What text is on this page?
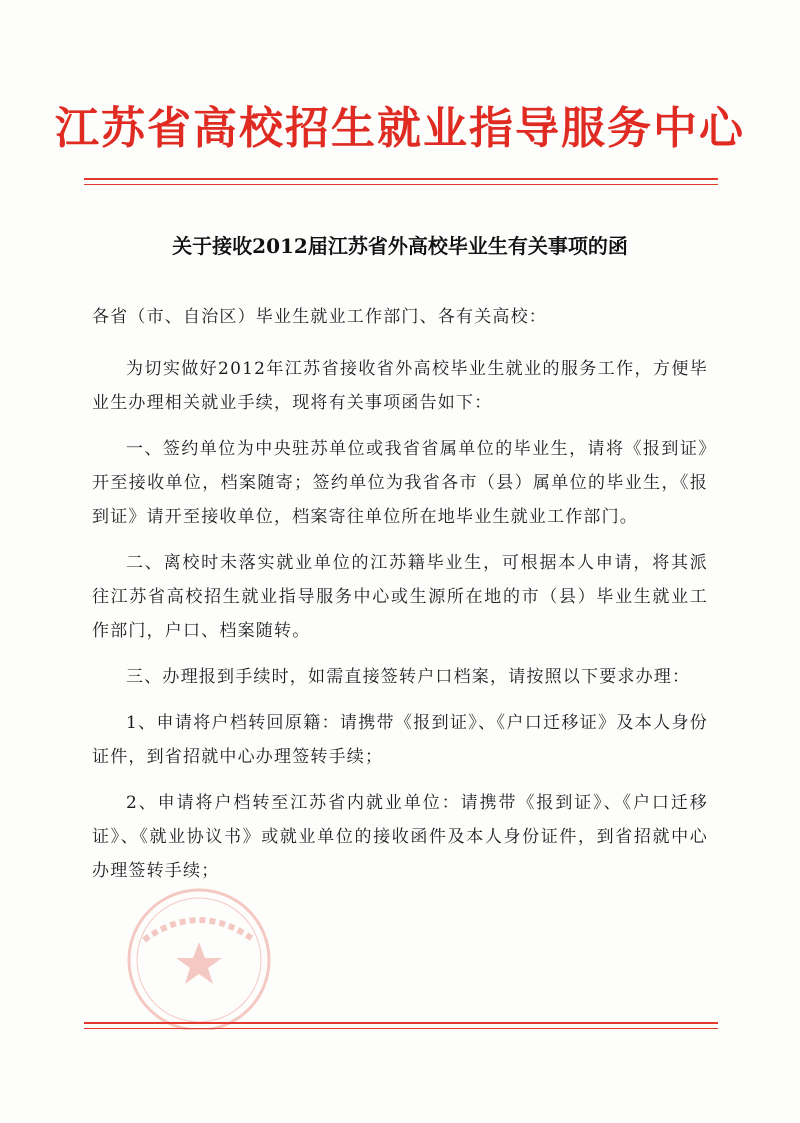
江苏省高校招生就业指导服务中心
关于接收2012届江苏省外高校毕业生有关事项的函

各省（市、自治区）毕业生就业工作部门、各有关高校：

为切实做好2012年江苏省接收省外高校毕业生就业的服务工作，方便毕业生办理相关就业手续，现将有关事项函告如下：

一、签约单位为中央驻苏单位或我省省属单位的毕业生，请将《报到证》开至接收单位，档案随寄；签约单位为我省各市（县）属单位的毕业生，《报到证》请开至接收单位，档案寄往单位所在地毕业生就业工作部门。

二、离校时未落实就业单位的江苏籍毕业生，可根据本人申请，将其派往江苏省高校招生就业指导服务中心或生源所在地的市（县）毕业生就业工作部门，户口、档案随转。

三、办理报到手续时，如需直接签转户口档案，请按照以下要求办理：

1、申请将户档转回原籍：请携带《报到证》、《户口迁移证》及本人身份证件，到省招就中心办理签转手续；

2、申请将户档转至江苏省内就业单位：请携带《报到证》、《户口迁移证》、《就业协议书》或就业单位的接收函件及本人身份证件，到省招就中心办理签转手续；
